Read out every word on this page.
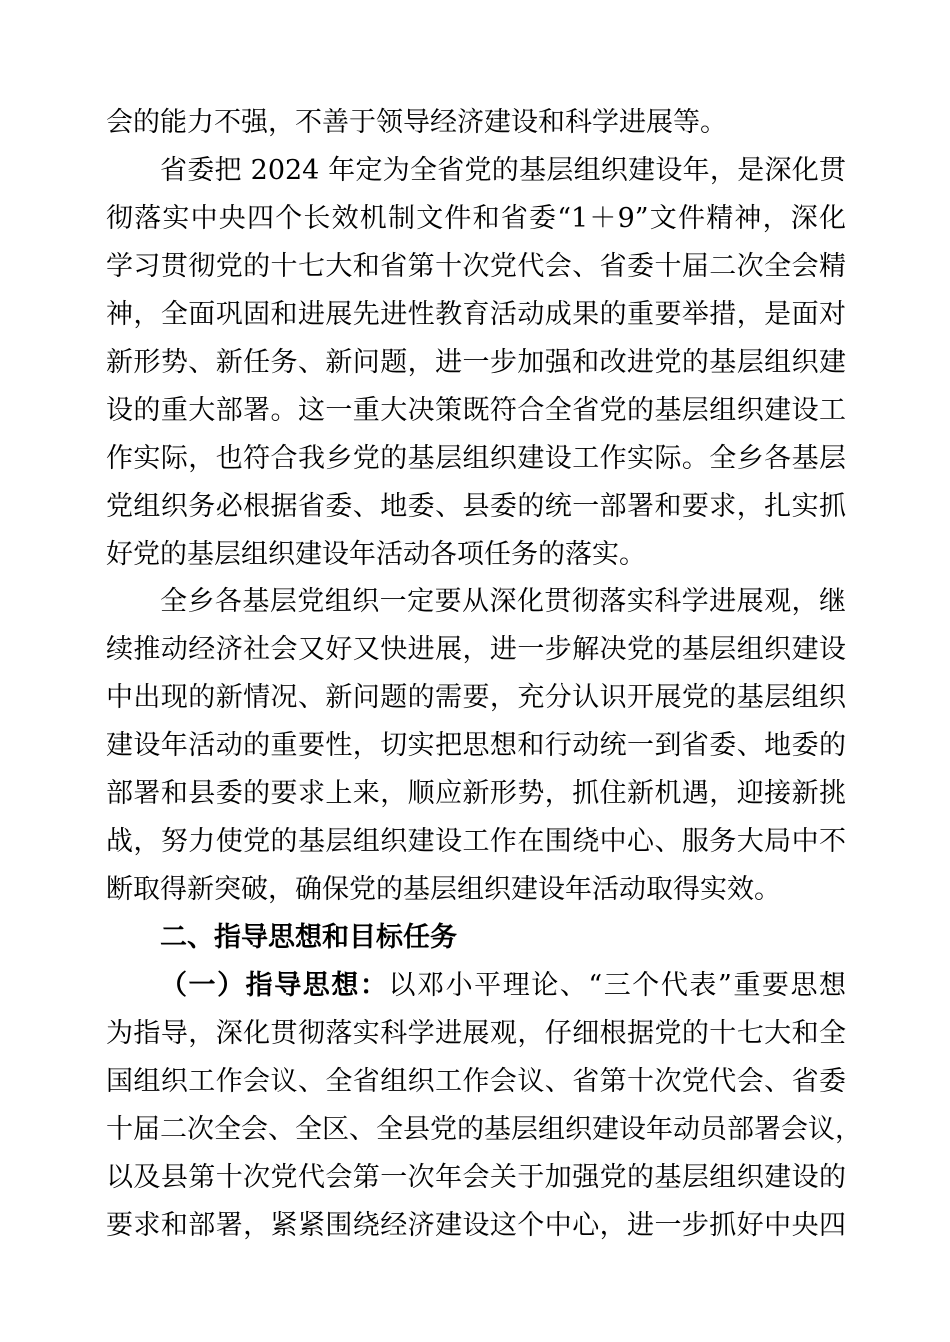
会的能力不强，不善于领导经济建设和科学进展等。
省委把 2024 年定为全省党的基层组织建设年，是深化贯
彻落实中央四个长效机制文件和省委“1＋9”文件精神，深化
学习贯彻党的十七大和省第十次党代会、省委十届二次全会精
神，全面巩固和进展先进性教育活动成果的重要举措，是面对
新形势、新任务、新问题，进一步加强和改进党的基层组织建
设的重大部署。这一重大决策既符合全省党的基层组织建设工
作实际，也符合我乡党的基层组织建设工作实际。全乡各基层
党组织务必根据省委、地委、县委的统一部署和要求，扎实抓
好党的基层组织建设年活动各项任务的落实。
全乡各基层党组织一定要从深化贯彻落实科学进展观，继
续推动经济社会又好又快进展，进一步解决党的基层组织建设
中出现的新情况、新问题的需要，充分认识开展党的基层组织
建设年活动的重要性，切实把思想和行动统一到省委、地委的
部署和县委的要求上来，顺应新形势，抓住新机遇，迎接新挑
战，努力使党的基层组织建设工作在围绕中心、服务大局中不
断取得新突破，确保党的基层组织建设年活动取得实效。
二、指导思想和目标任务
（一）指导思想：以邓小平理论、“三个代表”重要思想
为指导，深化贯彻落实科学进展观，仔细根据党的十七大和全
国组织工作会议、全省组织工作会议、省第十次党代会、省委
十届二次全会、全区、全县党的基层组织建设年动员部署会议，
以及县第十次党代会第一次年会关于加强党的基层组织建设的
要求和部署，紧紧围绕经济建设这个中心，进一步抓好中央四
